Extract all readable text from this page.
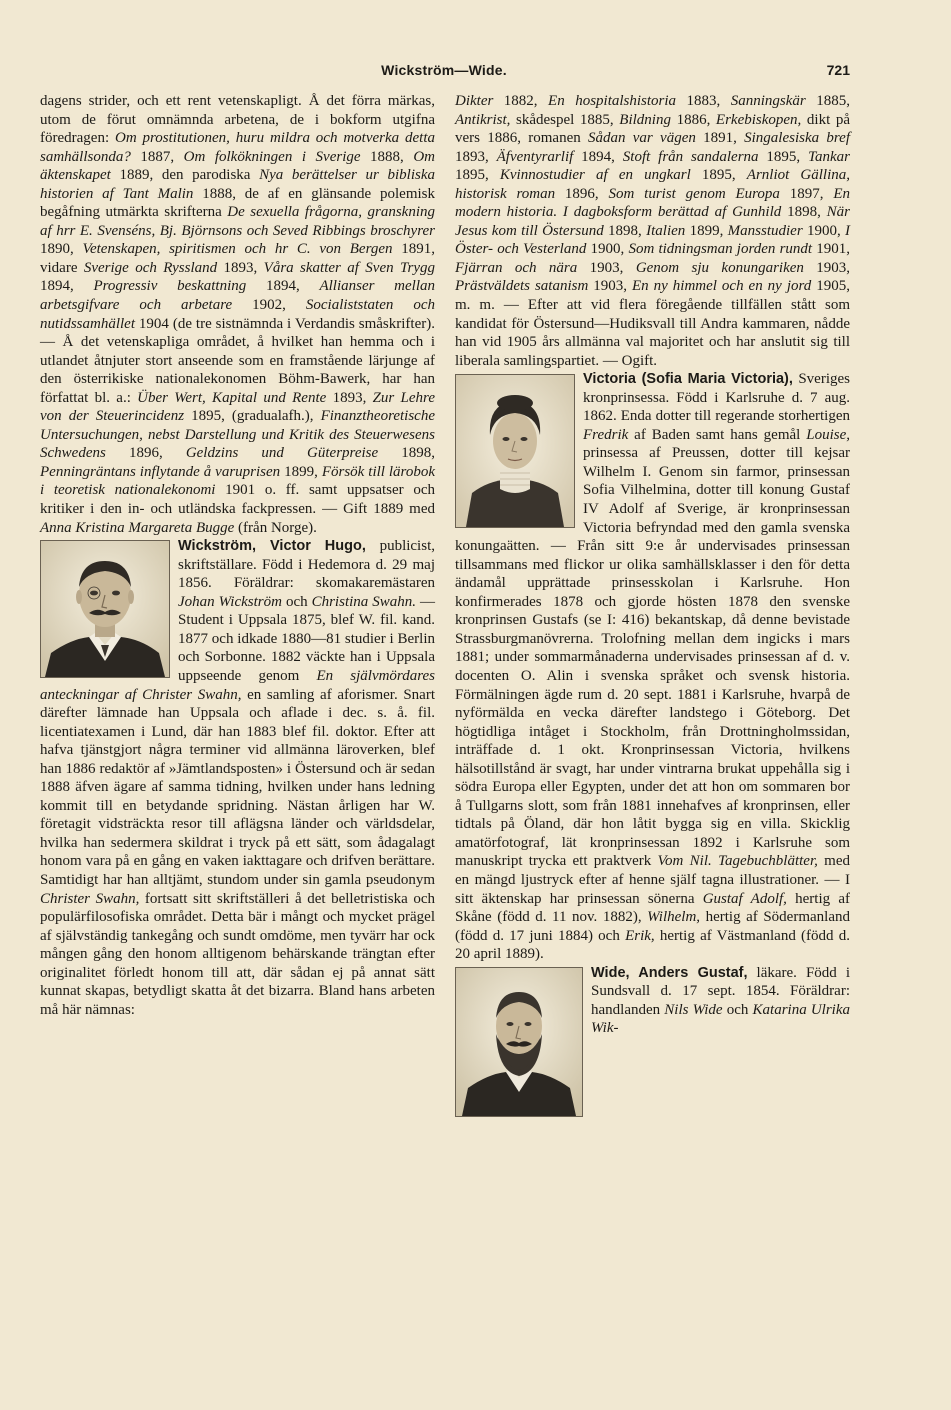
Wickström—Wide.	721

dagens strider, och ett rent vetenskapligt. Å det förra märkas, utom de förut omnämnda arbetena, de i bokform utgifna föredragen: Om prostitutionen, huru mildra och motverka detta samhällsonda? 1887, Om folkökningen i Sverige 1888, Om äktenskapet 1889, den parodiska Nya berättelser ur bibliska historien af Tant Malin 1888, de af en glänsande polemisk begåfning utmärkta skrifterna De sexuella frågorna, granskning af hrr E. Svenséns, Bj. Björnsons och Seved Ribbings broschyrer 1890, Vetenskapen, spiritismen och hr C. von Bergen 1891, vidare Sverige och Ryssland 1893, Våra skatter af Sven Trygg 1894, Progressiv beskattning 1894, Allianser mellan arbetsgifvare och arbetare 1902, Socialiststaten och nutidssamhället 1904 (de tre sistnämnda i Verdandis småskrifter). — Å det vetenskapliga området, å hvilket han hemma och i utlandet åtnjuter stort anseende som en framstående lärjunge af den österrikiske nationalekonomen Böhm-Bawerk, har han författat bl. a.: Über Wert, Kapital und Rente 1893, Zur Lehre von der Steuerincidenz 1895, (gradualafh.), Finanztheoretische Untersuchungen, nebst Darstellung und Kritik des Steuerwesens Schwedens 1896, Geldzins und Güterpreise 1898, Penningräntans inflytande å varuprisen 1899, Försök till lärobok i teoretisk nationalekonomi 1901 o. ff. samt uppsatser och kritiker i den in- och utländska fackpressen. — Gift 1889 med Anna Kristina Margareta Bugge (från Norge).

Wickström, Victor Hugo, publicist, skriftställare. Född i Hedemora d. 29 maj 1856. Föräldrar: skomakaremästaren Johan Wickström och Christina Swahn. — Student i Uppsala 1875, blef W. fil. kand. 1877 och idkade 1880—81 studier i Berlin och Sorbonne. 1882 väckte han i Uppsala uppseende genom En självmördares anteckningar af Christer Swahn, en samling af aforismer. Snart därefter lämnade han Uppsala och aflade i dec. s. å. fil. licentiatexamen i Lund, där han 1883 blef fil. doktor. Efter att hafva tjänstgjort några terminer vid allmänna läroverken, blef han 1886 redaktör af »Jämtlandsposten» i Östersund och är sedan 1888 äfven ägare af samma tidning, hvilken under hans ledning kommit till en betydande spridning. Nästan årligen har W. företagit vidsträckta resor till aflägsna länder och världsdelar, hvilka han sedermera skildrat i tryck på ett sätt, som ådagalagt honom vara på en gång en vaken iakttagare och drifven berättare. Samtidigt har han alltjämt, stundom under sin gamla pseudonym Christer Swahn, fortsatt sitt skriftställeri å det belletristiska och populärfilosofiska området. Detta bär i mångt och mycket prägel af självständig tankegång och sundt omdöme, men tyvärr har ock mången gång den honom alltigenom behärskande trängtan efter originalitet förledt honom till att, där sådan ej på annat sätt kunnat skapas, betydligt skatta åt det bizarra. Bland hans arbeten må här nämnas:

Dikter 1882, En hospitalshistoria 1883, Sanningskär 1885, Antikrist, skådespel 1885, Bildning 1886, Erkebiskopen, dikt på vers 1886, romanen Sådan var vägen 1891, Singalesiska bref 1893, Äfventyrarlif 1894, Stoft från sandalerna 1895, Tankar 1895, Kvinnostudier af en ungkarl 1895, Arnliot Gällina, historisk roman 1896, Som turist genom Europa 1897, En modern historia. I dagboksform berättad af Gunhild 1898, När Jesus kom till Östersund 1898, Italien 1899, Mansstudier 1900, I Öster- och Vesterland 1900, Som tidningsman jorden rundt 1901, Fjärran och nära 1903, Genom sju konungariken 1903, Prästväldets satanism 1903, En ny himmel och en ny jord 1905, m. m. — Efter att vid flera föregående tillfällen stått som kandidat för Östersund—Hudiksvall till Andra kammaren, nådde han vid 1905 års allmänna val majoritet och har anslutit sig till liberala samlingspartiet. — Ogift.

Victoria (Sofia Maria Victoria),
Sveriges kronprinsessa. Född i Karlsruhe d. 7 aug. 1862. Enda dotter till regerande storhertigen Fredrik af Baden samt hans gemål Louise, prinsessa af Preussen, dotter till kejsar Wilhelm I. Genom sin farmor, prinsessan Sofia Vilhelmina, dotter till konung Gustaf IV Adolf af Sverige, är kronprinsessan Victoria befryndad med den gamla svenska konungaätten. — Från sitt 9:e år undervisades prinsessan tillsammans med flickor ur olika samhällsklasser i den för detta ändamål upprättade prinsesskolan i Karlsruhe. Hon konfirmerades 1878 och gjorde hösten 1878 den svenske kronprinsen Gustafs (se I: 416) bekantskap, då denne bevistade Strassburgmanövrerna. Trolofning mellan dem ingicks i mars 1881; under sommarmånaderna undervisades prinsessan af d. v. docenten O. Alin i svenska språket och svensk historia. Förmälningen ägde rum d. 20 sept. 1881 i Karlsruhe, hvarpå de nyförmälda en vecka därefter landstego i Göteborg. Det högtidliga intåget i Stockholm, från Drottningholmssidan, inträffade d. 1 okt. Kronprinsessan Victoria, hvilkens hälsotillstånd är svagt, har under vintrarna brukat uppehålla sig i södra Europa eller Egypten, under det att hon om sommaren bor å Tullgarns slott, som från 1881 innehafves af kronprinsen, eller tidtals på Öland, där hon låtit bygga sig en villa. Skicklig amatörfotograf, lät kronprinsessan 1892 i Karlsruhe som manuskript trycka ett praktverk Vom Nil. Tagebuchblätter, med en mängd ljustryck efter af henne själf tagna illustrationer. — I sitt äktenskap har prinsessan sönerna Gustaf Adolf, hertig af Skåne (född d. 11 nov. 1882), Wilhelm, hertig af Södermanland (född d. 17 juni 1884) och Erik, hertig af Västmanland (född d. 20 april 1889).

Wide, Anders Gustaf, läkare. Född i Sundsvall d. 17 sept. 1854. Föräldrar: handlanden Nils Wide och Katarina Ulrika Wik-
